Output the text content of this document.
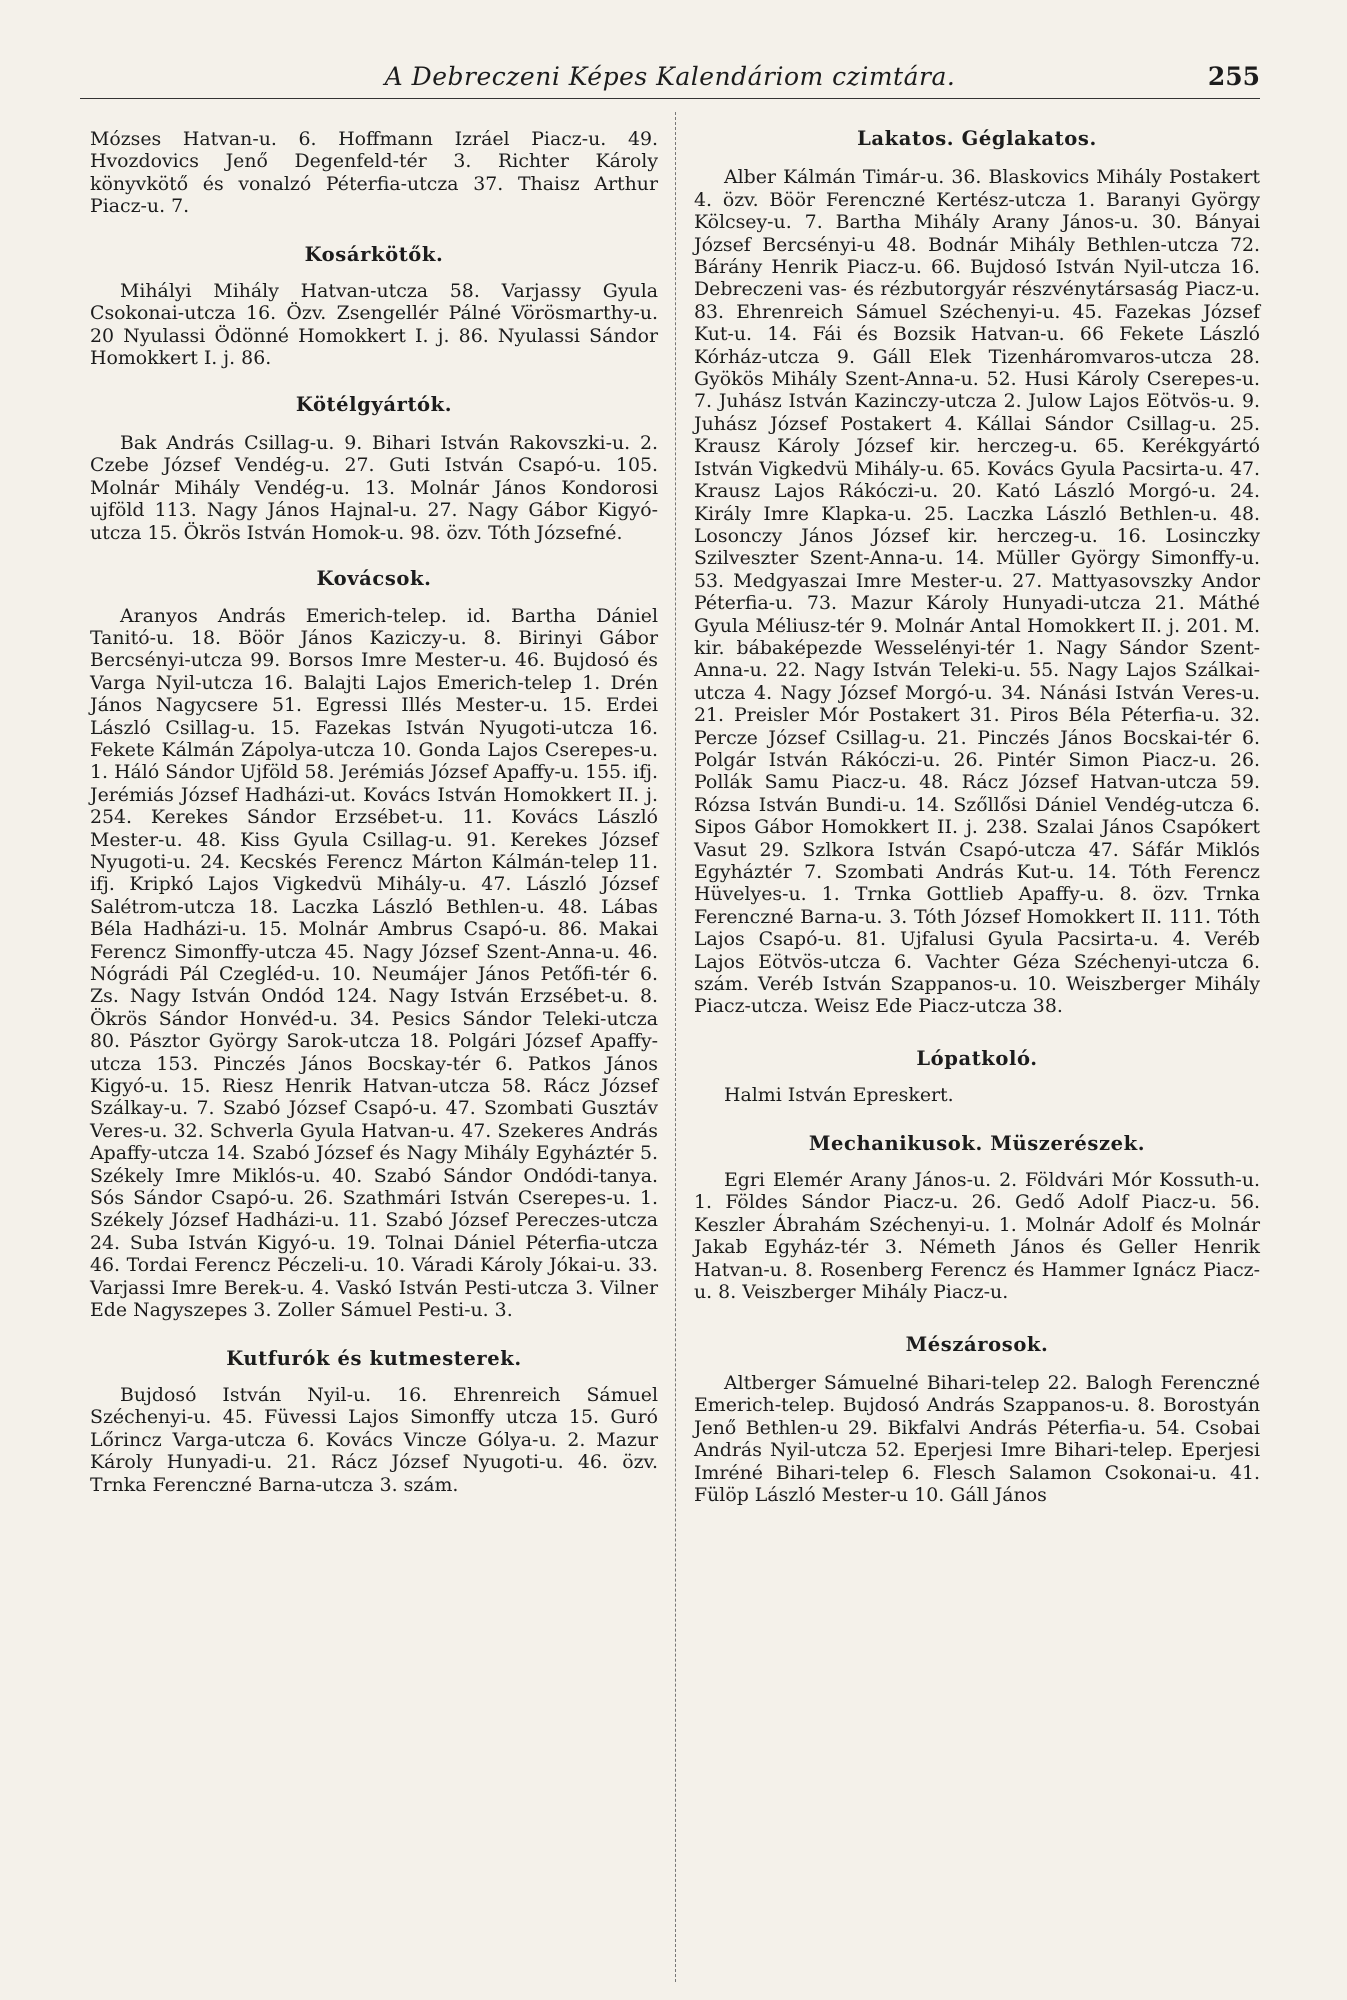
A Debreczeni Képes Kalendáriom czimtára.	255

Mózses Hatvan-u. 6. Hoffmann Izráel Piacz-u. 49. Hvozdovics Jenő Degenfeld-tér 3. Richter Károly könyvkötő és vonalzó Péterfia-utcza 37. Thaisz Arthur Piacz-u. 7.

Kosárkötők.

Mihályi Mihály Hatvan-utcza 58. Varjassy Gyula Csokonai-utcza 16. Özv. Zsengellér Pálné Vörösmarthy-u. 20 Nyulassi Ödönné Homokkert I. j. 86. Nyulassi Sándor Homokkert I. j. 86.

Kötélgyártók.

Bak András Csillag-u. 9. Bihari István Rakovszki-u. 2. Czebe József Vendég-u. 27. Guti István Csapó-u. 105. Molnár Mihály Vendég-u. 13. Molnár János Kondorosi ujföld 113. Nagy János Hajnal-u. 27. Nagy Gábor Kigyó-utcza 15. Ökrös István Homok-u. 98. özv. Tóth Józsefné.

Kovácsok.

Aranyos András Emerich-telep. id. Bartha Dániel Tanitó-u. 18. Böör János Kaziczy-u. 8. Birinyi Gábor Bercsényi-utcza 99. Borsos Imre Mester-u. 46. Bujdosó és Varga Nyil-utcza 16. Balajti Lajos Emerich-telep 1. Drén János Nagycsere 51. Egressi Illés Mester-u. 15. Erdei László Csillag-u. 15. Fazekas István Nyugoti-utcza 16. Fekete Kálmán Zápolya-utcza 10. Gonda Lajos Cserepes-u. 1. Háló Sándor Ujföld 58. Jerémiás József Apaffy-u. 155. ifj. Jerémiás József Hadházi-ut. Kovács István Homokkert II. j. 254. Kerekes Sándor Erzsébet-u. 11. Kovács László Mester-u. 48. Kiss Gyula Csillag-u. 91. Kerekes József Nyugoti-u. 24. Kecskés Ferencz Márton Kálmán-telep 11. ifj. Kripkó Lajos Vigkedvü Mihály-u. 47. László József Salétrom-utcza 18. Laczka László Bethlen-u. 48. Lábas Béla Hadházi-u. 15. Molnár Ambrus Csapó-u. 86. Makai Ferencz Simonffy-utcza 45. Nagy József Szent-Anna-u. 46. Nógrádi Pál Czegléd-u. 10. Neumájer János Petőfi-tér 6. Zs. Nagy István Ondód 124. Nagy István Erzsébet-u. 8. Ökrös Sándor Honvéd-u. 34. Pesics Sándor Teleki-utcza 80. Pásztor György Sarok-utcza 18. Polgári József Apaffy-utcza 153. Pinczés János Bocskay-tér 6. Patkos János Kigyó-u. 15. Riesz Henrik Hatvan-utcza 58. Rácz József Szálkay-u. 7. Szabó József Csapó-u. 47. Szombati Gusztáv Veres-u. 32. Schverla Gyula Hatvan-u. 47. Szekeres András Apaffy-utcza 14. Szabó József és Nagy Mihály Egyháztér 5. Székely Imre Miklós-u. 40. Szabó Sándor Ondódi-tanya. Sós Sándor Csapó-u. 26. Szathmári István Cserepes-u. 1. Székely József Hadházi-u. 11. Szabó József Pereczes-utcza 24. Suba István Kigyó-u. 19. Tolnai Dániel Péterfia-utcza 46. Tordai Ferencz Péczeli-u. 10. Váradi Károly Jókai-u. 33. Varjassi Imre Berek-u. 4. Vaskó István Pesti-utcza 3. Vilner Ede Nagyszepes 3. Zoller Sámuel Pesti-u. 3.

Kutfurók és kutmesterek.

Bujdosó István Nyil-u. 16. Ehrenreich Sámuel Széchenyi-u. 45. Füvessi Lajos Simonffy utcza 15. Guró Lőrincz Varga-utcza 6. Kovács Vincze Gólya-u. 2. Mazur Károly Hunyadi-u. 21. Rácz József Nyugoti-u. 46. özv. Trnka Ferenczné Barna-utcza 3. szám.

Lakatos. Géglakatos.

Alber Kálmán Timár-u. 36. Blaskovics Mihály Postakert 4. özv. Böör Ferenczné Kertész-utcza 1. Baranyi György Kölcsey-u. 7. Bartha Mihály Arany János-u. 30. Bányai József Bercsényi-u 48. Bodnár Mihály Bethlen-utcza 72. Bárány Henrik Piacz-u. 66. Bujdosó István Nyil-utcza 16. Debreczeni vas- és rézbutorgyár részvénytársaság Piacz-u. 83. Ehrenreich Sámuel Széchenyi-u. 45. Fazekas József Kut-u. 14. Fái és Bozsik Hatvan-u. 66 Fekete László Kórház-utcza 9. Gáll Elek Tizenháromvaros-utcza 28. Gyökös Mihály Szent-Anna-u. 52. Husi Károly Cserepes-u. 7. Juhász István Kazinczy-utcza 2. Julow Lajos Eötvös-u. 9. Juhász József Postakert 4. Kállai Sándor Csillag-u. 25. Krausz Károly József kir. herczeg-u. 65. Kerékgyártó István Vigkedvü Mihály-u. 65. Kovács Gyula Pacsirta-u. 47. Krausz Lajos Rákóczi-u. 20. Kató László Morgó-u. 24. Király Imre Klapka-u. 25. Laczka László Bethlen-u. 48. Losonczy János József kir. herczeg-u. 16. Losinczky Szilveszter Szent-Anna-u. 14. Müller György Simonffy-u. 53. Medgyaszai Imre Mester-u. 27. Mattyasovszky Andor Péterfia-u. 73. Mazur Károly Hunyadi-utcza 21. Máthé Gyula Méliusz-tér 9. Molnár Antal Homokkert II. j. 201. M. kir. bábaképezde Wesselényi-tér 1. Nagy Sándor Szent-Anna-u. 22. Nagy István Teleki-u. 55. Nagy Lajos Szálkai-utcza 4. Nagy József Morgó-u. 34. Nánási István Veres-u. 21. Preisler Mór Postakert 31. Piros Béla Péterfia-u. 32. Percze József Csillag-u. 21. Pinczés János Bocskai-tér 6. Polgár István Rákóczi-u. 26. Pintér Simon Piacz-u. 26. Pollák Samu Piacz-u. 48. Rácz József Hatvan-utcza 59. Rózsa István Bundi-u. 14. Szőllősi Dániel Vendég-utcza 6. Sipos Gábor Homokkert II. j. 238. Szalai János Csapókert Vasut 29. Szlkora István Csapó-utcza 47. Sáfár Miklós Egyháztér 7. Szombati András Kut-u. 14. Tóth Ferencz Hüvelyes-u. 1. Trnka Gottlieb Apaffy-u. 8. özv. Trnka Ferenczné Barna-u. 3. Tóth József Homokkert II. 111. Tóth Lajos Csapó-u. 81. Ujfalusi Gyula Pacsirta-u. 4. Veréb Lajos Eötvös-utcza 6. Vachter Géza Széchenyi-utcza 6. szám. Veréb István Szappanos-u. 10. Weiszberger Mihály Piacz-utcza. Weisz Ede Piacz-utcza 38.

Lópatkoló.

Halmi István Epreskert.

Mechanikusok. Müszerészek.

Egri Elemér Arany János-u. 2. Földvári Mór Kossuth-u. 1. Földes Sándor Piacz-u. 26. Gedő Adolf Piacz-u. 56. Keszler Ábrahám Széchenyi-u. 1. Molnár Adolf és Molnár Jakab Egyház-tér 3. Németh János és Geller Henrik Hatvan-u. 8. Rosenberg Ferencz és Hammer Ignácz Piacz-u. 8. Veiszberger Mihály Piacz-u.

Mészárosok.

Altberger Sámuelné Bihari-telep 22. Balogh Ferenczné Emerich-telep. Bujdosó András Szappanos-u. 8. Borostyán Jenő Bethlen-u 29. Bikfalvi András Péterfia-u. 54. Csobai András Nyil-utcza 52. Eperjesi Imre Bihari-telep. Eperjesi Imréné Bihari-telep 6. Flesch Salamon Csokonai-u. 41. Fülöp László Mester-u 10. Gáll János
